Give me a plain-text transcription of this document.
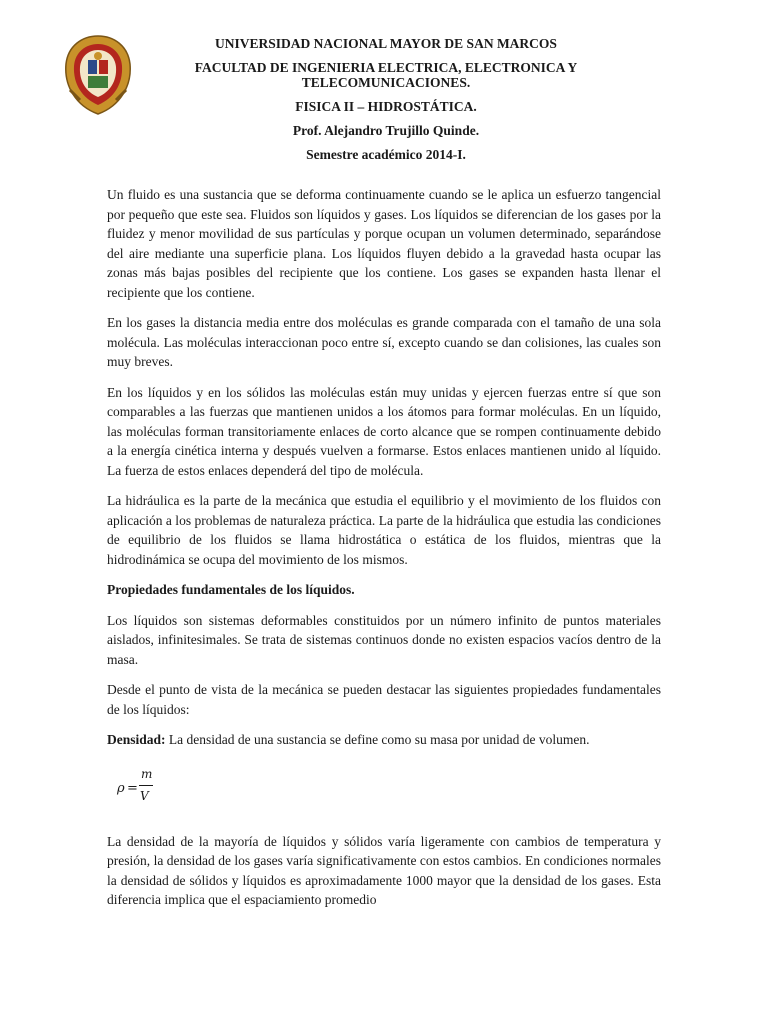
UNIVERSIDAD NACIONAL MAYOR DE SAN MARCOS
FACULTAD DE INGENIERIA ELECTRICA, ELECTRONICA Y TELECOMUNICACIONES.
FISICA II – HIDROSTÁTICA.
Prof. Alejandro Trujillo Quinde.
Semestre académico 2014-I.

Un fluido es una sustancia que se deforma continuamente cuando se le aplica un esfuerzo tangencial por pequeño que este sea. Fluidos son líquidos y gases. Los líquidos se diferencian de los gases por la fluidez y menor movilidad de sus partículas y porque ocupan un volumen determinado, separándose del aire mediante una superficie plana. Los líquidos fluyen debido a la gravedad hasta ocupar las zonas más bajas posibles del recipiente que los contiene. Los gases se expanden hasta llenar el recipiente que los contiene.

En los gases la distancia media entre dos moléculas es grande comparada con el tamaño de una sola molécula. Las moléculas interaccionan poco entre sí, excepto cuando se dan colisiones, las cuales son muy breves.

En los líquidos y en los sólidos las moléculas están muy unidas y ejercen fuerzas entre sí que son comparables a las fuerzas que mantienen unidos a los átomos para formar moléculas. En un líquido, las moléculas forman transitoriamente enlaces de corto alcance que se rompen continuamente debido a la energía cinética interna y después vuelven a formarse. Estos enlaces mantienen unido al líquido. La fuerza de estos enlaces dependerá del tipo de molécula.

La hidráulica es la parte de la mecánica que estudia el equilibrio y el movimiento de los fluidos con aplicación a los problemas de naturaleza práctica. La parte de la hidráulica que estudia las condiciones de equilibrio de los fluidos se llama hidrostática o estática de los fluidos, mientras que la hidrodinámica se ocupa del movimiento de los mismos.

Propiedades fundamentales de los líquidos.

Los líquidos son sistemas deformables constituidos por un número infinito de puntos materiales aislados, infinitesimales. Se trata de sistemas continuos donde no existen espacios vacíos dentro de la masa.

Desde el punto de vista de la mecánica se pueden destacar las siguientes propiedades fundamentales de los líquidos:

Densidad: La densidad de una sustancia se define como su masa por unidad de volumen.

ρ =
m
V

La densidad de la mayoría de líquidos y sólidos varía ligeramente con cambios de temperatura y presión, la densidad de los gases varía significativamente con estos cambios. En condiciones normales la densidad de sólidos y líquidos es aproximadamente 1000 mayor que la densidad de los gases. Esta diferencia implica que el espaciamiento promedio
